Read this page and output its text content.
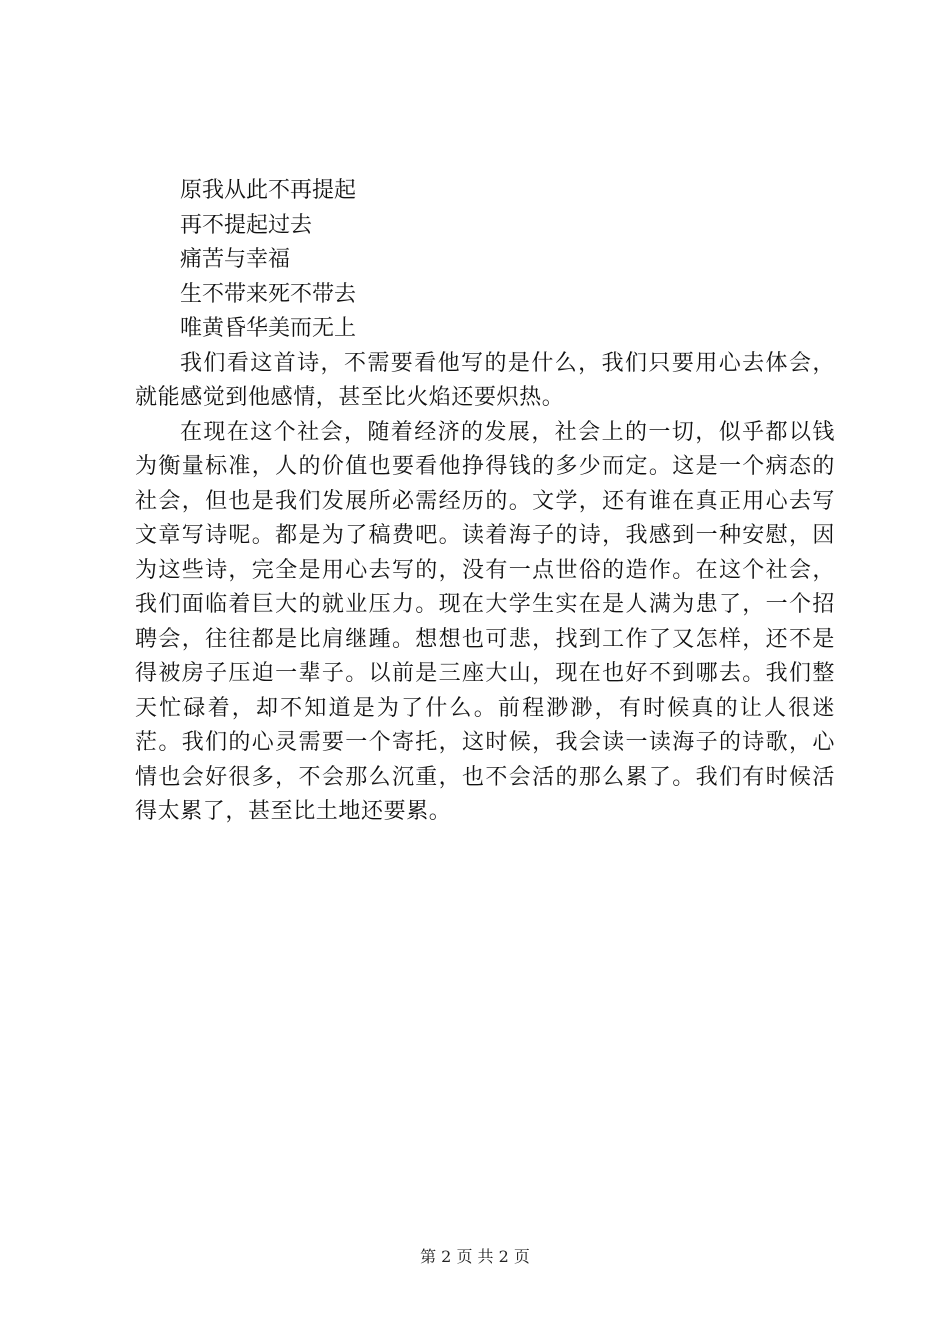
原我从此不再提起
再不提起过去
痛苦与幸福
生不带来死不带去
唯黄昏华美而无上

我们看这首诗，不需要看他写的是什么，我们只要用心去体会，就能感觉到他感情，甚至比火焰还要炽热。

在现在这个社会，随着经济的发展，社会上的一切，似乎都以钱为衡量标准，人的价值也要看他挣得钱的多少而定。这是一个病态的社会，但也是我们发展所必需经历的。文学，还有谁在真正用心去写文章写诗呢。都是为了稿费吧。读着海子的诗，我感到一种安慰，因为这些诗，完全是用心去写的，没有一点世俗的造作。在这个社会，我们面临着巨大的就业压力。现在大学生实在是人满为患了，一个招聘会，往往都是比肩继踵。想想也可悲，找到工作了又怎样，还不是得被房子压迫一辈子。以前是三座大山，现在也好不到哪去。我们整天忙碌着，却不知道是为了什么。前程渺渺，有时候真的让人很迷茫。我们的心灵需要一个寄托，这时候，我会读一读海子的诗歌，心情也会好很多，不会那么沉重，也不会活的那么累了。我们有时候活得太累了，甚至比土地还要累。

第 2 页 共 2 页
